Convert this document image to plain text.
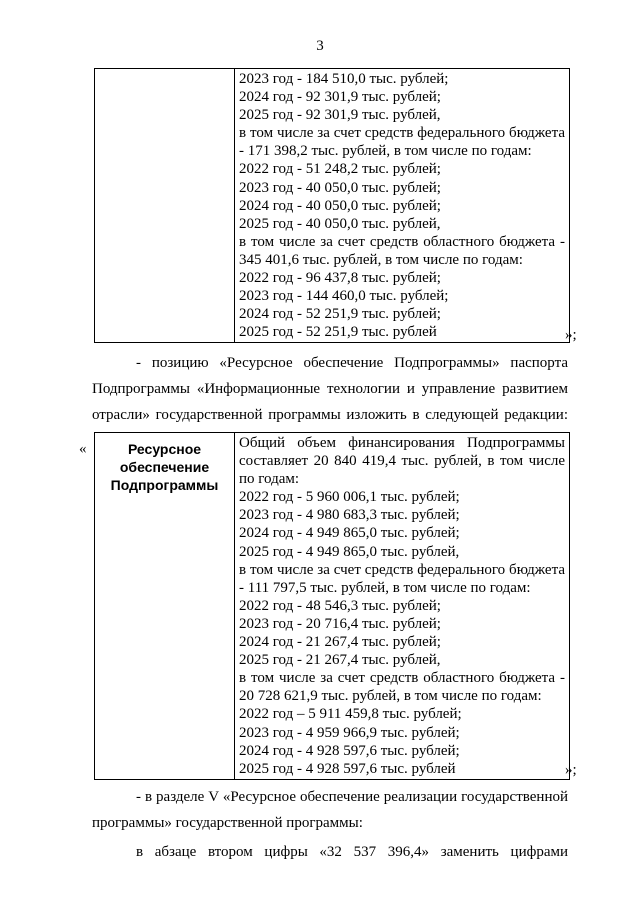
3

2023 год - 184 510,0 тыс. рублей;
2024 год - 92 301,9 тыс. рублей;
2025 год - 92 301,9 тыс. рублей,
в том числе за счет средств федерального бюджета
- 171 398,2 тыс. рублей, в том числе по годам:
2022 год - 51 248,2 тыс. рублей;
2023 год - 40 050,0 тыс. рублей;
2024 год - 40 050,0 тыс. рублей;
2025 год - 40 050,0 тыс. рублей,
в том числе за счет средств областного бюджета -
345 401,6 тыс. рублей, в том числе по годам:
2022 год - 96 437,8 тыс. рублей;
2023 год - 144 460,0 тыс. рублей;
2024 год - 52 251,9 тыс. рублей;
2025 год - 52 251,9 тыс. рублей	»;
- позицию «Ресурсное обеспечение Подпрограммы» паспорта
Подпрограммы «Информационные технологии и управление развитием
отрасли» государственной программы изложить в следующей редакции:
«	Ресурсное
обеспечение
Подпрограммы

Общий объем финансирования Подпрограммы
составляет 20 840 419,4 тыс. рублей, в том числе
по годам:
2022 год - 5 960 006,1 тыс. рублей;
2023 год - 4 980 683,3 тыс. рублей;
2024 год - 4 949 865,0 тыс. рублей;
2025 год - 4 949 865,0 тыс. рублей,
в том числе за счет средств федерального бюджета
- 111 797,5 тыс. рублей, в том числе по годам:
2022 год - 48 546,3 тыс. рублей;
2023 год - 20 716,4 тыс. рублей;
2024 год - 21 267,4 тыс. рублей;
2025 год - 21 267,4 тыс. рублей,
в том числе за счет средств областного бюджета -
20 728 621,9 тыс. рублей, в том числе по годам:
2022 год – 5 911 459,8 тыс. рублей;
2023 год - 4 959 966,9 тыс. рублей;
2024 год - 4 928 597,6 тыс. рублей;
2025 год - 4 928 597,6 тыс. рублей	»;
- в разделе V «Ресурсное обеспечение реализации государственной
программы» государственной программы:
в абзаце втором цифры «32 537 396,4» заменить цифрами
